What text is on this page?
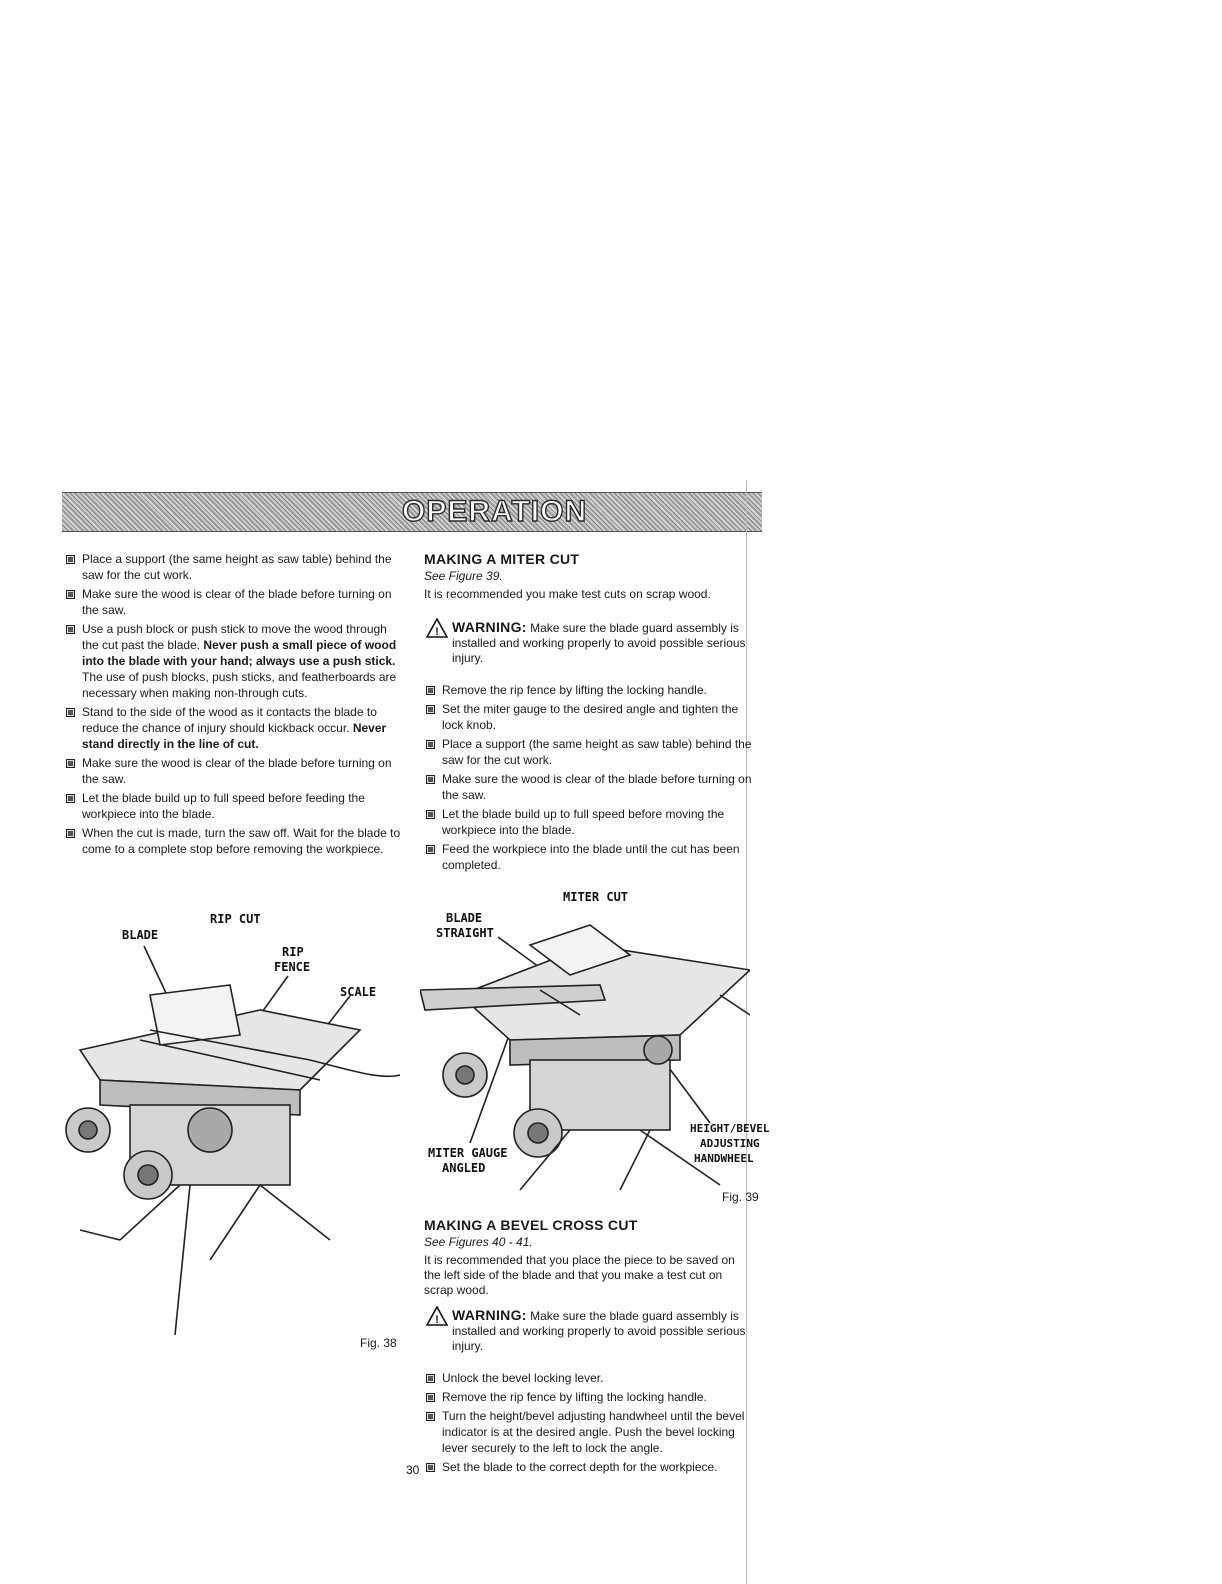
OPERATION
Place a support (the same height as saw table) behind the saw for the cut work.
Make sure the wood is clear of the blade before turning on the saw.
Use a push block or push stick to move the wood through the cut past the blade. Never push a small piece of wood into the blade with your hand; always use a push stick. The use of push blocks, push sticks, and featherboards are necessary when making non-through cuts.
Stand to the side of the wood as it contacts the blade to reduce the chance of injury should kickback occur. Never stand directly in the line of cut.
Make sure the wood is clear of the blade before turning on the saw.
Let the blade build up to full speed before feeding the workpiece into the blade.
When the cut is made, turn the saw off. Wait for the blade to come to a complete stop before removing the workpiece.
RIP CUT
BLADE
RIP
FENCE
SCALE
Fig. 38
MAKING A MITER CUT
See Figure 39.

It is recommended you make test cuts on scrap wood.

! WARNING: Make sure the blade guard assembly is installed and working properly to avoid possible serious injury.
Remove the rip fence by lifting the locking handle.
Set the miter gauge to the desired angle and tighten the lock knob.
Place a support (the same height as saw table) behind the saw for the cut work.
Make sure the wood is clear of the blade before turning on the saw.
Let the blade build up to full speed before moving the workpiece into the blade.
Feed the workpiece into the blade until the cut has been completed.
MITER CUT
BLADE
STRAIGHT
MITER GAUGE
ANGLED
HEIGHT/BEVEL
ADJUSTING
HANDWHEEL
Fig. 39
MAKING A BEVEL CROSS CUT
See Figures 40 - 41.

It is recommended that you place the piece to be saved on the left side of the blade and that you make a test cut on scrap wood.

! WARNING: Make sure the blade guard assembly is installed and working properly to avoid possible serious injury.
Unlock the bevel locking lever.
Remove the rip fence by lifting the locking handle.
Turn the height/bevel adjusting handwheel until the bevel indicator is at the desired angle. Push the bevel locking lever securely to the left to lock the angle.
Set the blade to the correct depth for the workpiece.
30
